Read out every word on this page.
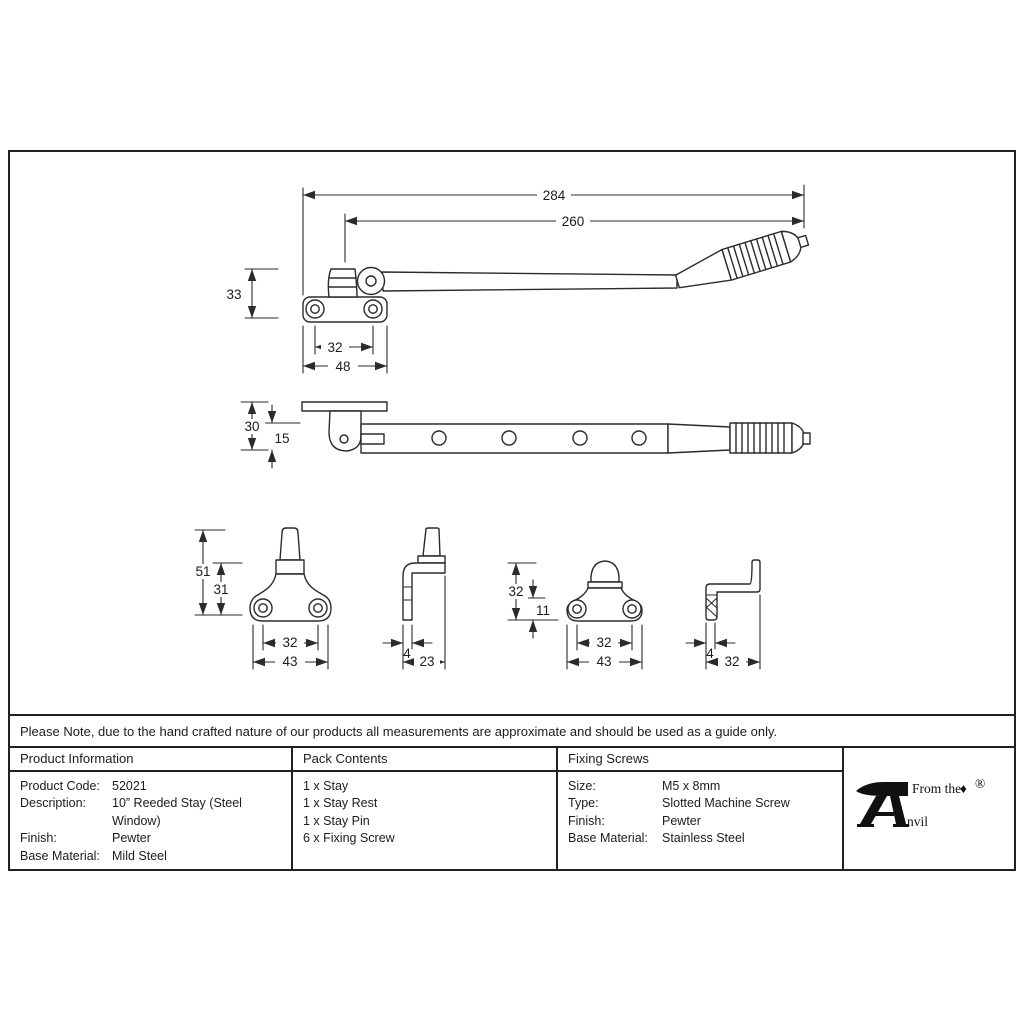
284
260
33
32
48
30
15
51
31
32
43
4
23
32
11
32
43
4
32
Please Note, due to the hand crafted nature of our products all measurements are approximate and should be used as a guide only.
Product Information
Product Code: 52021
Description:	10” Reeded Stay (Steel Window)
Finish:	Pewter
Base Material: Mild Steel
Pack Contents
1 x Stay
1 x Stay Rest
1 x Stay Pin
6 x Fixing Screw
Fixing Screws
Size:	M5 x 8mm
Type:	Slotted Machine Screw
Finish:	Pewter
Base Material:	Stainless Steel
nvil
From the
♦ ®
